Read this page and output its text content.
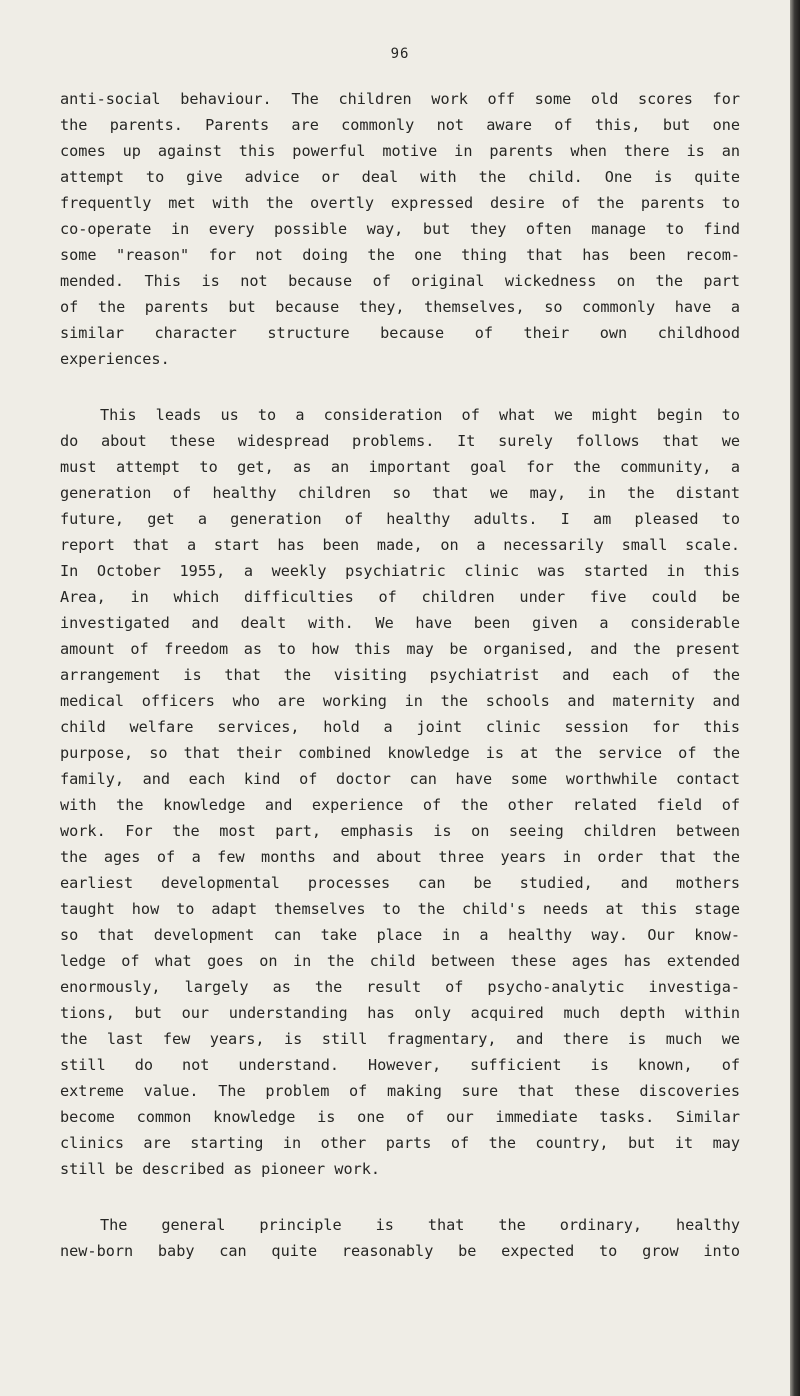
96
anti-social behaviour. The children work off some old scores for
the parents. Parents are commonly not aware of this, but one
comes up against this powerful motive in parents when there is an
attempt to give advice or deal with the child. One is quite
frequently met with the overtly expressed desire of the parents to
co-operate in every possible way, but they often manage to find
some "reason" for not doing the one thing that has been recom-
mended. This is not because of original wickedness on the part
of the parents but because they, themselves, so commonly have a
similar character structure because of their own childhood
experiences.
This leads us to a consideration of what we might begin to
do about these widespread problems. It surely follows that we
must attempt to get, as an important goal for the community, a
generation of healthy children so that we may, in the distant
future, get a generation of healthy adults. I am pleased to
report that a start has been made, on a necessarily small scale.
In October 1955, a weekly psychiatric clinic was started in this
Area, in which difficulties of children under five could be
investigated and dealt with. We have been given a considerable
amount of freedom as to how this may be organised, and the present
arrangement is that the visiting psychiatrist and each of the
medical officers who are working in the schools and maternity and
child welfare services, hold a joint clinic session for this
purpose, so that their combined knowledge is at the service of the
family, and each kind of doctor can have some worthwhile contact
with the knowledge and experience of the other related field of
work. For the most part, emphasis is on seeing children between
the ages of a few months and about three years in order that the
earliest developmental processes can be studied, and mothers
taught how to adapt themselves to the child's needs at this stage
so that development can take place in a healthy way. Our know-
ledge of what goes on in the child between these ages has extended
enormously, largely as the result of psycho-analytic investiga-
tions, but our understanding has only acquired much depth within
the last few years, is still fragmentary, and there is much we
still do not understand. However, sufficient is known, of
extreme value. The problem of making sure that these discoveries
become common knowledge is one of our immediate tasks. Similar
clinics are starting in other parts of the country, but it may
still be described as pioneer work.
The general principle is that the ordinary, healthy
new-born baby can quite reasonably be expected to grow into
